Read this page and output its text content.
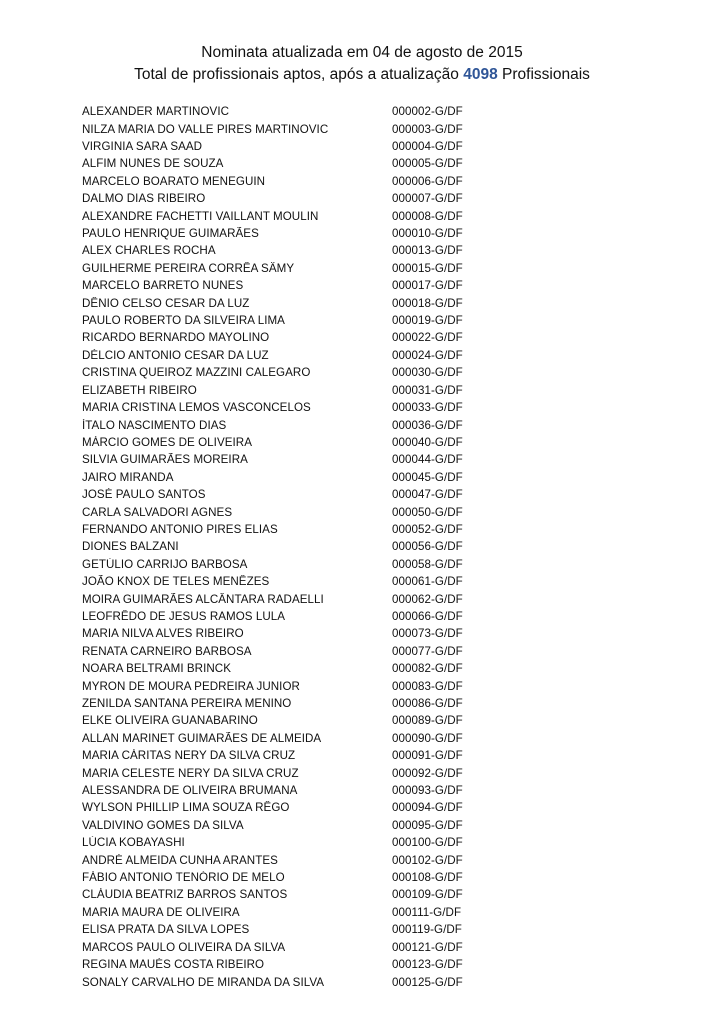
Nominata atualizada em 04 de agosto de 2015
Total de profissionais aptos, após a atualização 4098 Profissionais
ALEXANDER MARTINOVIC	000002-G/DF
NILZA MARIA DO VALLE PIRES MARTINOVIC	000003-G/DF
VIRGINIA SARA SAAD	000004-G/DF
ALFIM NUNES DE SOUZA	000005-G/DF
MARCELO BOARATO MENEGUIN	000006-G/DF
DALMO DIAS RIBEIRO	000007-G/DF
ALEXANDRE FACHETTI VAILLANT MOULIN	000008-G/DF
PAULO HENRIQUE GUIMARÃES	000010-G/DF
ALEX CHARLES ROCHA	000013-G/DF
GUILHERME PEREIRA CORRÊA SÄMY	000015-G/DF
MARCELO BARRETO NUNES	000017-G/DF
DÊNIO CELSO CESAR DA LUZ	000018-G/DF
PAULO ROBERTO DA SILVEIRA LIMA	000019-G/DF
RICARDO BERNARDO MAYOLINO	000022-G/DF
DÉLCIO ANTONIO CESAR DA LUZ	000024-G/DF
CRISTINA QUEIROZ MAZZINI CALEGARO	000030-G/DF
ELIZABETH RIBEIRO	000031-G/DF
MARIA CRISTINA LEMOS VASCONCELOS	000033-G/DF
ÍTALO NASCIMENTO DIAS	000036-G/DF
MÁRCIO GOMES DE OLIVEIRA	000040-G/DF
SILVIA GUIMARÃES MOREIRA	000044-G/DF
JAIRO MIRANDA	000045-G/DF
JOSÉ PAULO SANTOS	000047-G/DF
CARLA SALVADORI AGNES	000050-G/DF
FERNANDO ANTONIO PIRES ELIAS	000052-G/DF
DIONES BALZANI	000056-G/DF
GETÚLIO CARRIJO BARBOSA	000058-G/DF
JOÃO KNOX DE TELES MENÊZES	000061-G/DF
MOIRA GUIMARÃES ALCÂNTARA RADAELLI	000062-G/DF
LEOFRÊDO DE JESUS RAMOS LULA	000066-G/DF
MARIA NILVA ALVES RIBEIRO	000073-G/DF
RENATA CARNEIRO BARBOSA	000077-G/DF
NOARA BELTRAMI BRINCK	000082-G/DF
MYRON DE MOURA PEDREIRA JUNIOR	000083-G/DF
ZENILDA SANTANA PEREIRA MENINO	000086-G/DF
ELKE OLIVEIRA GUANABARINO	000089-G/DF
ALLAN MARINET GUIMARÃES DE ALMEIDA	000090-G/DF
MARIA CÁRITAS NERY DA SILVA CRUZ	000091-G/DF
MARIA CELESTE NERY DA SILVA CRUZ	000092-G/DF
ALESSANDRA DE OLIVEIRA BRUMANA	000093-G/DF
WYLSON PHILLIP LIMA SOUZA RÊGO	000094-G/DF
VALDIVINO GOMES DA SILVA	000095-G/DF
LÚCIA KOBAYASHI	000100-G/DF
ANDRÉ ALMEIDA CUNHA ARANTES	000102-G/DF
FÁBIO ANTONIO TENÓRIO DE MELO	000108-G/DF
CLÁUDIA BEATRIZ BARROS SANTOS	000109-G/DF
MARIA MAURA DE OLIVEIRA	000111-G/DF
ELISA PRATA DA SILVA LOPES	000119-G/DF
MARCOS PAULO OLIVEIRA DA SILVA	000121-G/DF
REGINA MAUÉS COSTA RIBEIRO	000123-G/DF
SONALY CARVALHO DE MIRANDA DA SILVA	000125-G/DF
